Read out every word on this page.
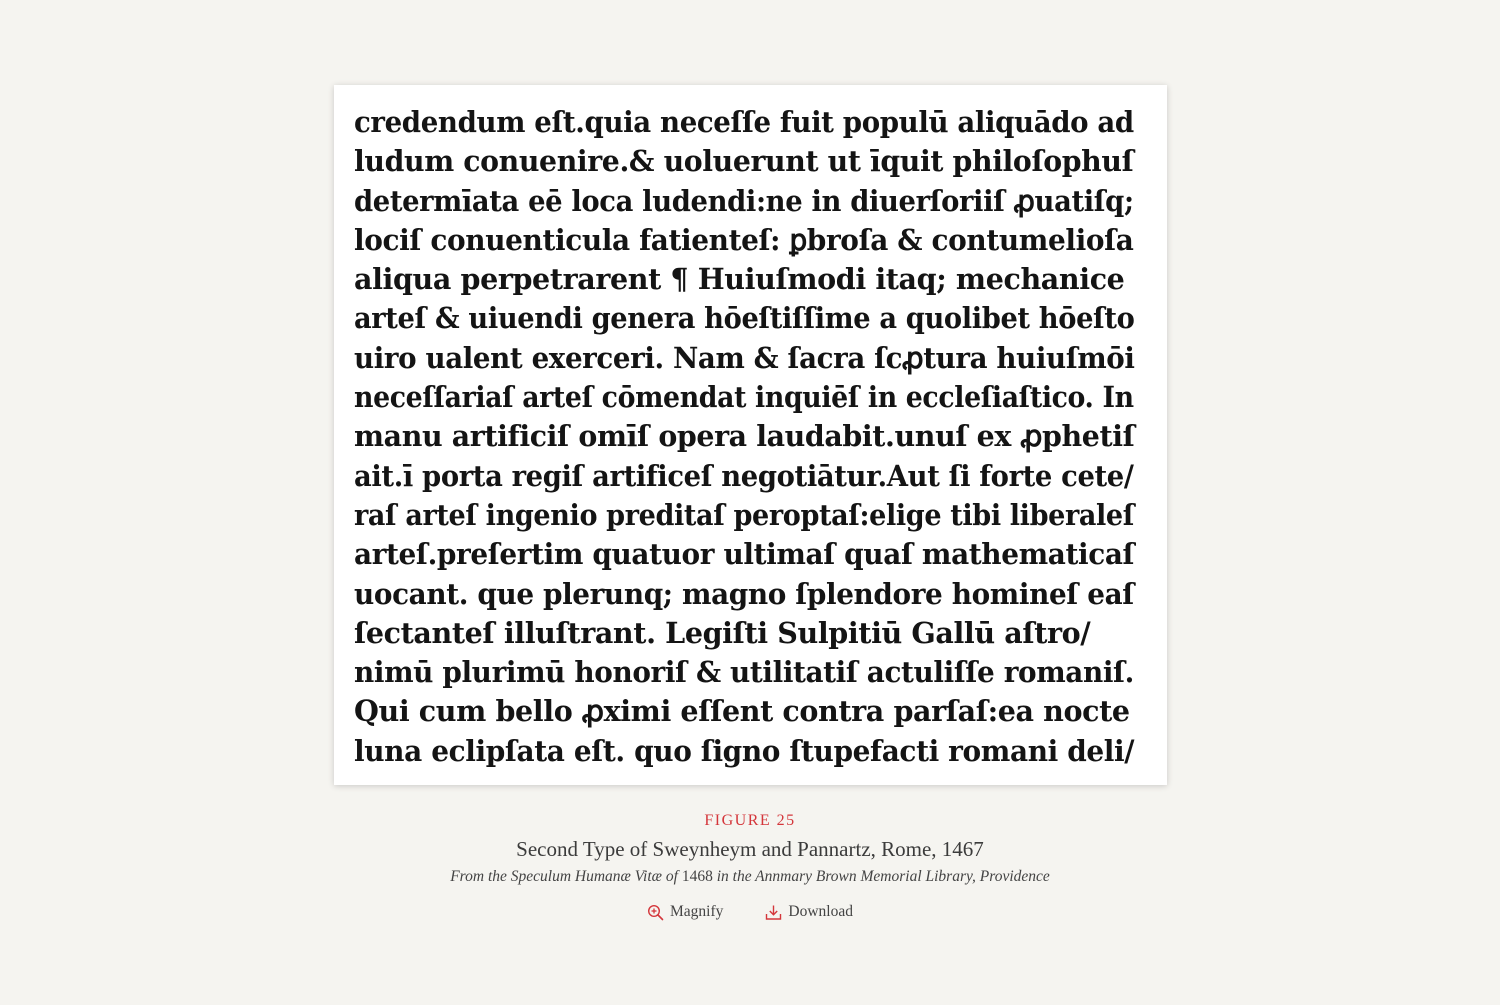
credendum eſt.quia neceſſe fuit populū aliquādo ad
ludum conuenire.& uoluerunt ut īquit philoſophuſ
determīata eē loca ludendi:ne in diuerſoriiſ ꝓuatiſq;
lociſ conuenticula fatienteſ: ꝑbroſa & contumelioſa
aliqua perpetrarent ¶ Huiuſmodi itaq; mechanice
arteſ & uiuendi genera hōeſtiſſime a quolibet hōeſto
uiro ualent exerceri. Nam & ſacra ſcꝓtura huiuſmōi
neceſſariaſ arteſ cōmendat inquiēſ in eccleſiaſtico. In
manu artificiſ omīſ opera laudabit.unuſ ex ꝓphetiſ
ait.ī porta regiſ artificeſ negotiātur.Aut ſi forte cete/
raſ arteſ ingenio preditaſ peroptaſ:elige tibi liberaleſ
arteſ.preſertim quatuor ultimaſ quaſ mathematicaſ
uocant. que plerunq; magno ſplendore homineſ eaſ
ſectanteſ illuſtrant. Legiſti Sulpitiū Gallū aſtro/
nimū plurimū honoriſ & utilitatiſ actuliſſe romaniſ.
Qui cum bello ꝓximi eſſent contra parſaſ:ea nocte
luna eclipſata eſt. quo ſigno ſtupefacti romani deli/
FIGURE 25
Second Type of Sweynheym and Pannartz, Rome, 1467
From the Speculum Humanæ Vitæ of 1468 in the Annmary Brown Memorial Library, Providence
Magnify	Download
